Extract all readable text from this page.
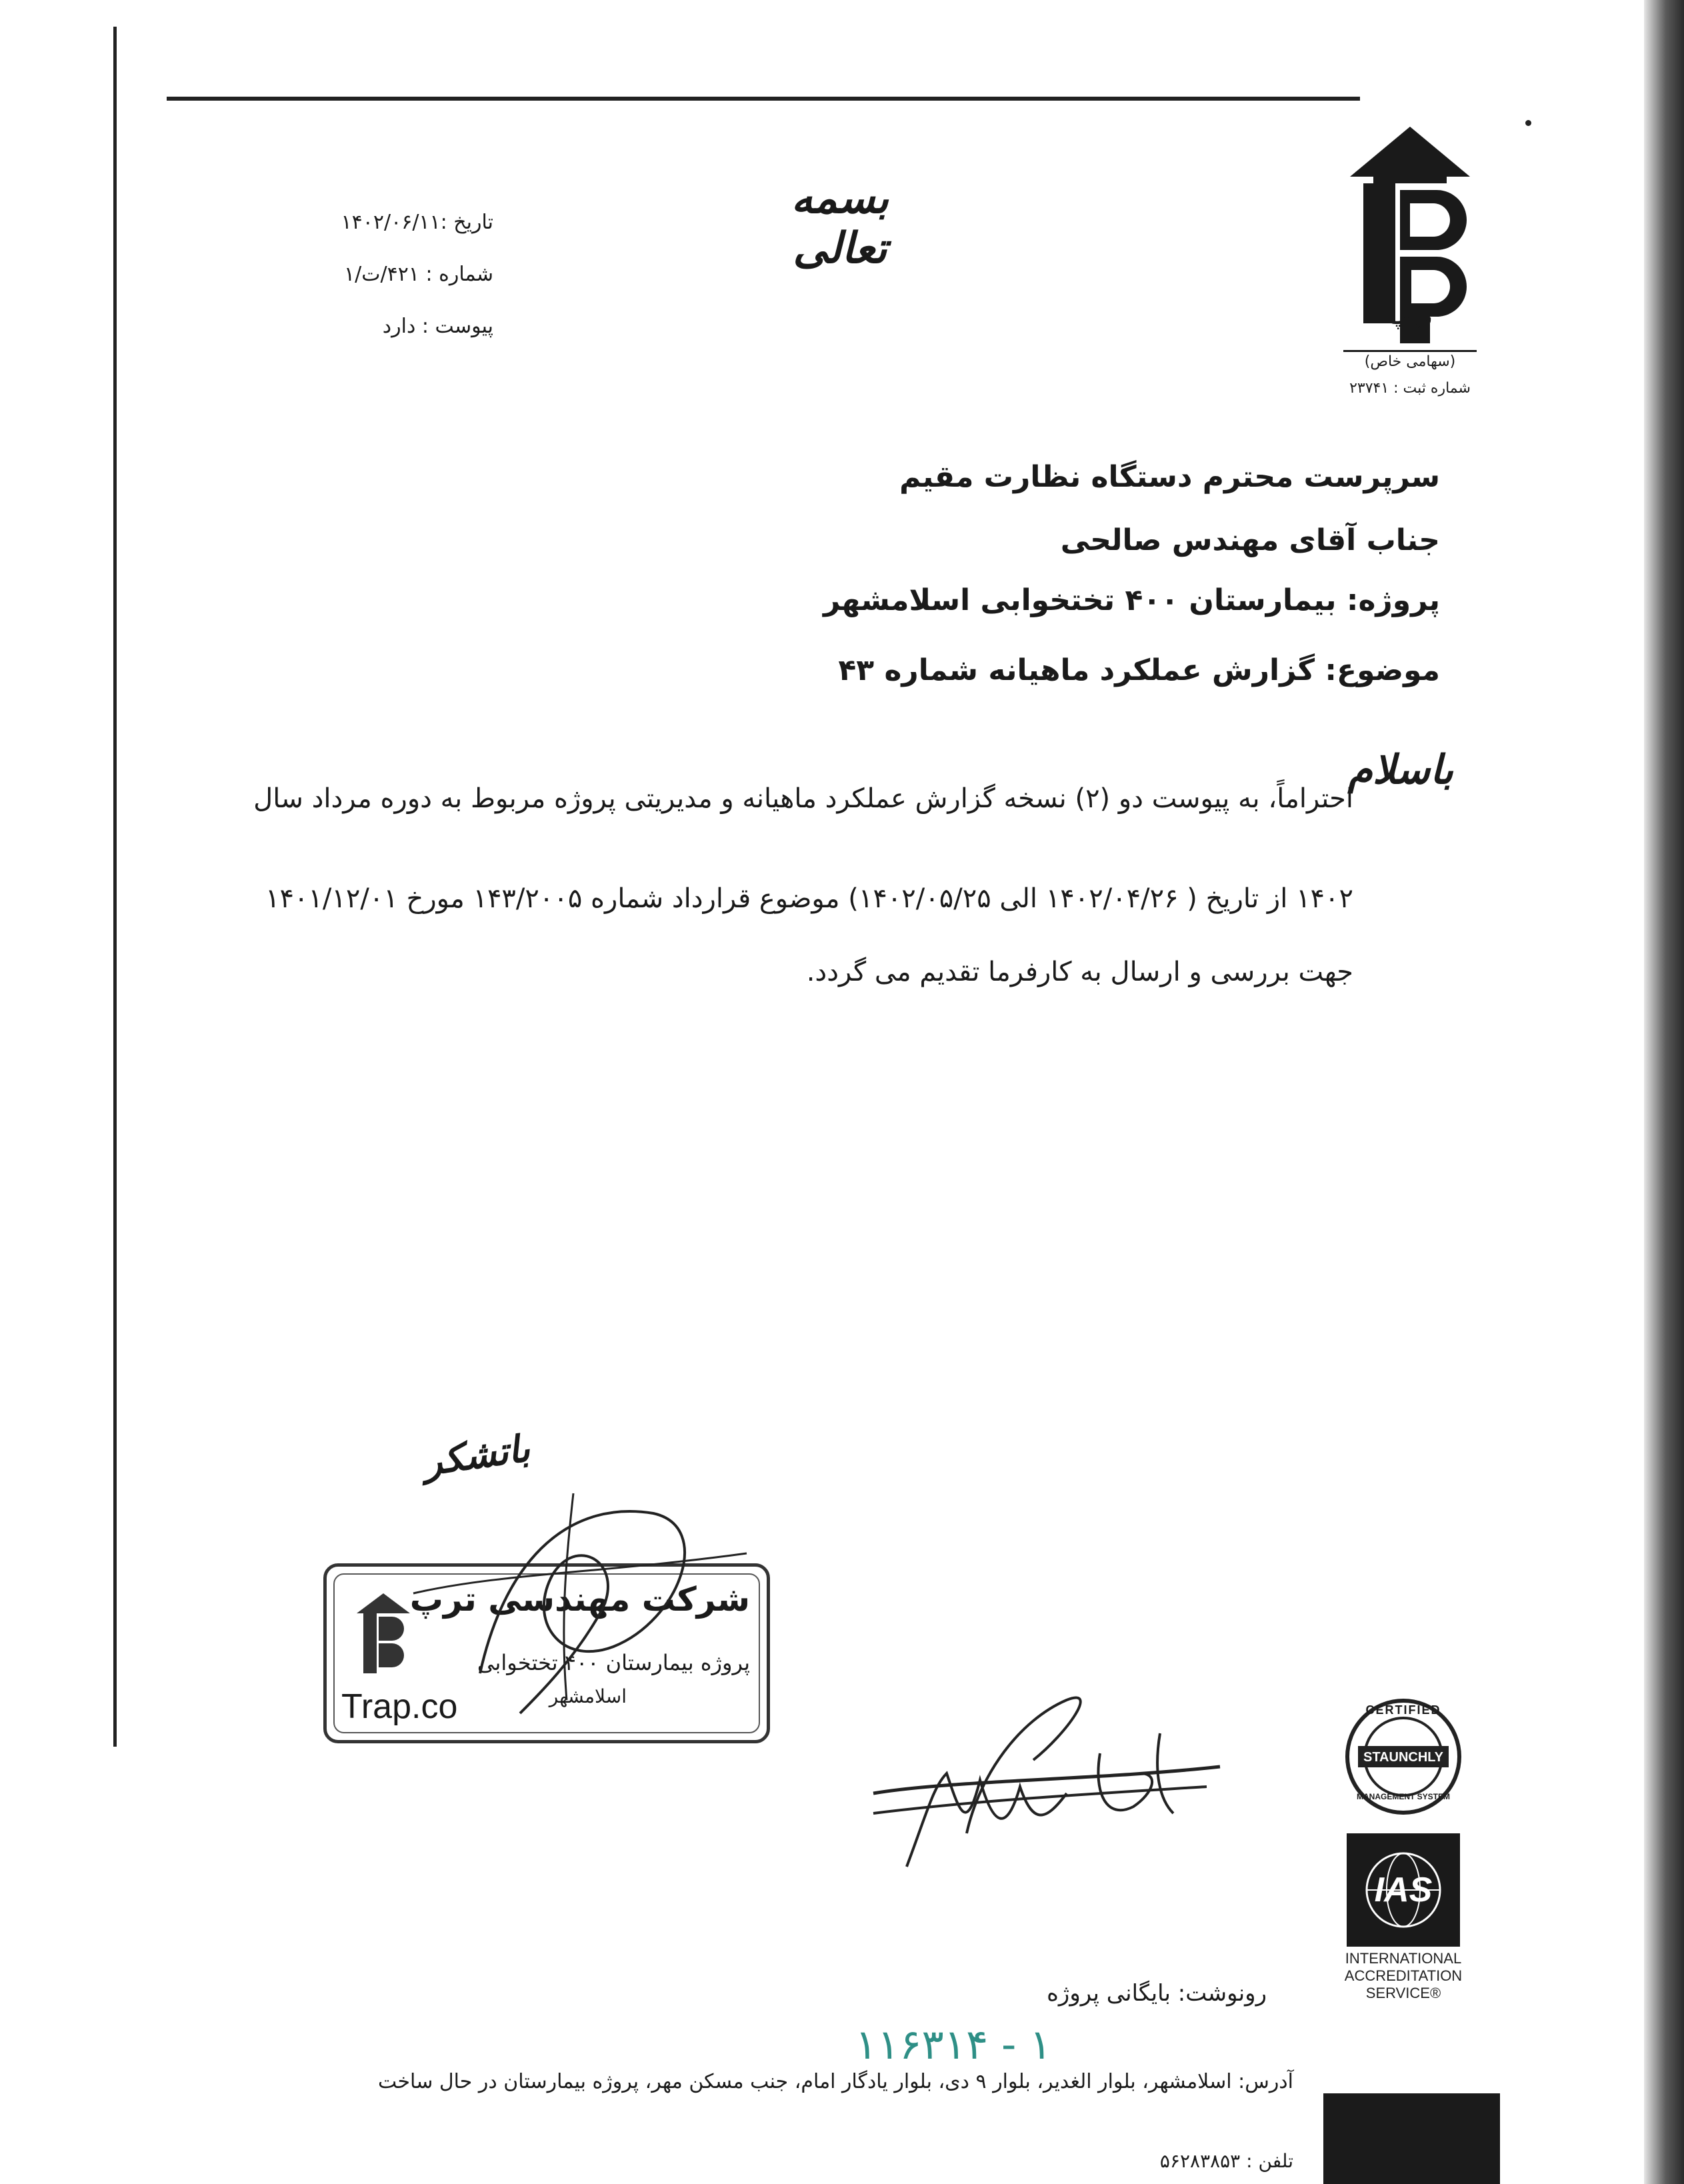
تاریخ :۱۴۰۲/۰۶/۱۱
شماره : ۴۲۱/ت/۱
پیوست : دارد
بسمه تعالی
ترپ
(سهامی خاص)
شماره ثبت : ۲۳۷۴۱
سرپرست محترم دستگاه نظارت مقیم
جناب آقای مهندس صالحی
پروژه: بیمارستان ۴۰۰ تختخوابی اسلامشهر
موضوع: گزارش عملکرد ماهیانه شماره ۴۳
باسلام
احتراماً، به پیوست دو (۲) نسخه گزارش عملکرد ماهیانه و مدیریتی پروژه مربوط به دوره مرداد سال
۱۴۰۲ از تاریخ ( ۱۴۰۲/۰۴/۲۶ الی ۱۴۰۲/۰۵/۲۵) موضوع قرارداد شماره ۱۴۳/۲۰۰۵ مورخ ۱۴۰۱/۱۲/۰۱
جهت بررسی و ارسال به کارفرما تقدیم می گردد.
باتشکر
شرکت مهندسی ترپ
پروژه بیمارستان ۴۰۰ تختخوابی
اسلامشهر
Trap.co	CERTIFIED
STAUNCHLY
MANAGEMENT SYSTEM
IAS
INTERNATIONAL
ACCREDITATION
SERVICE®
رونوشت: بایگانی پروژه
۱۱۶۳۱۴ - ۱
آدرس: اسلامشهر، بلوار الغدیر، بلوار ۹ دی، بلوار یادگار امام، جنب مسکن مهر، پروژه بیمارستان در حال ساخت
تلفن : ۵۶۲۸۳۸۵۳
